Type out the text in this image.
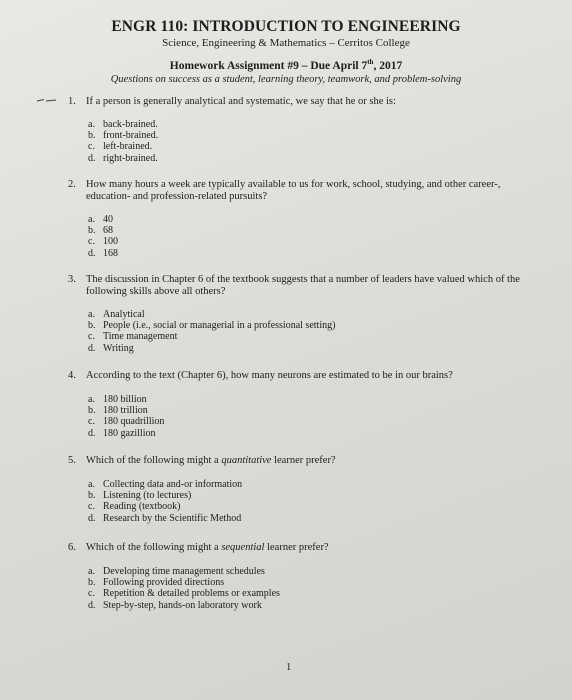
ENGR 110: INTRODUCTION TO ENGINEERING
Science, Engineering & Mathematics – Cerritos College
Homework Assignment #9 – Due April 7th, 2017
Questions on success as a student, learning theory, teamwork, and problem-solving
1. If a person is generally analytical and systematic, we say that he or she is:
a. back-brained.
b. front-brained.
c. left-brained.
d. right-brained.
2. How many hours a week are typically available to us for work, school, studying, and other career-, education- and profession-related pursuits?
a. 40
b. 68
c. 100
d. 168
3. The discussion in Chapter 6 of the textbook suggests that a number of leaders have valued which of the following skills above all others?
a. Analytical
b. People (i.e., social or managerial in a professional setting)
c. Time management
d. Writing
4. According to the text (Chapter 6), how many neurons are estimated to be in our brains?
a. 180 billion
b. 180 trillion
c. 180 quadrillion
d. 180 gazillion
5. Which of the following might a quantitative learner prefer?
a. Collecting data and-or information
b. Listening (to lectures)
c. Reading (textbook)
d. Research by the Scientific Method
6. Which of the following might a sequential learner prefer?
a. Developing time management schedules
b. Following provided directions
c. Repetition & detailed problems or examples
d. Step-by-step, hands-on laboratory work
1
